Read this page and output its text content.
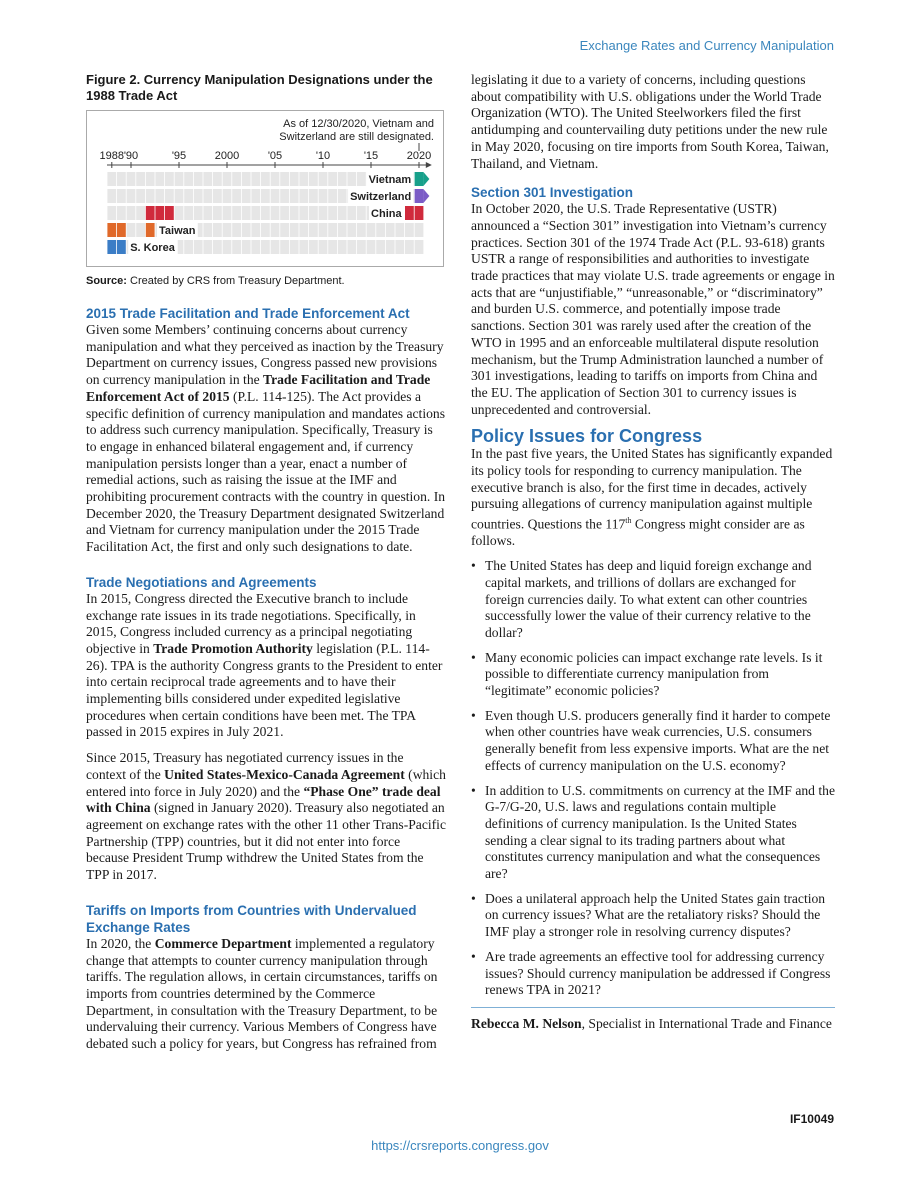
Exchange Rates and Currency Manipulation

Figure 2. Currency Manipulation Designations under the 1988 Trade Act

As of 12/30/2020, Vietnam and
Switzerland are still designated.
1988 '90	'95	2000	'05	'10	'15	2020
Vietnam
Switzerland
China
Taiwan
S. Korea
Source: Created by CRS from Treasury Department.
2015 Trade Facilitation and Trade Enforcement Act

Given some Members’ continuing concerns about currency manipulation and what they perceived as inaction by the Treasury Department on currency issues, Congress passed new provisions on currency manipulation in the Trade Facilitation and Trade Enforcement Act of 2015 (P.L. 114-125). The Act provides a specific definition of currency manipulation and mandates actions to address such currency manipulation. Specifically, Treasury is to engage in enhanced bilateral engagement and, if currency manipulation persists longer than a year, enact a number of remedial actions, such as raising the issue at the IMF and prohibiting procurement contracts with the country in question. In December 2020, the Treasury Department designated Switzerland and Vietnam for currency manipulation under the 2015 Trade Facilitation Act, the first and only such designations to date.

Trade Negotiations and Agreements

In 2015, Congress directed the Executive branch to include exchange rate issues in its trade negotiations. Specifically, in 2015, Congress included currency as a principal negotiating objective in Trade Promotion Authority legislation (P.L. 114-26). TPA is the authority Congress grants to the President to enter into certain reciprocal trade agreements and to have their implementing bills considered under expedited legislative procedures when certain conditions have been met. The TPA passed in 2015 expires in July 2021.

Since 2015, Treasury has negotiated currency issues in the context of the United States-Mexico-Canada Agreement (which entered into force in July 2020) and the “Phase One” trade deal with China (signed in January 2020). Treasury also negotiated an agreement on exchange rates with the other 11 other Trans-Pacific Partnership (TPP) countries, but it did not enter into force because President Trump withdrew the United States from the TPP in 2017.

Tariffs on Imports from Countries with Undervalued Exchange Rates

In 2020, the Commerce Department implemented a regulatory change that attempts to counter currency manipulation through tariffs. The regulation allows, in certain circumstances, tariffs on imports from countries determined by the Commerce Department, in consultation with the Treasury Department, to be undervaluing their currency. Various Members of Congress have debated such a policy for years, but Congress has refrained from

legislating it due to a variety of concerns, including questions about compatibility with U.S. obligations under the World Trade Organization (WTO). The United Steelworkers filed the first antidumping and countervailing duty petitions under the new rule in May 2020, focusing on tire imports from South Korea, Taiwan, Thailand, and Vietnam.

Section 301 Investigation

In October 2020, the U.S. Trade Representative (USTR) announced a “Section 301” investigation into Vietnam’s currency practices. Section 301 of the 1974 Trade Act (P.L. 93-618) grants USTR a range of responsibilities and authorities to investigate trade practices that may violate U.S. trade agreements or engage in acts that are “unjustifiable,” “unreasonable,” or “discriminatory” and burden U.S. commerce, and potentially impose trade sanctions. Section 301 was rarely used after the creation of the WTO in 1995 and an enforceable multilateral dispute resolution mechanism, but the Trump Administration launched a number of 301 investigations, leading to tariffs on imports from China and the EU. The application of Section 301 to currency issues is unprecedented and controversial.

Policy Issues for Congress

In the past five years, the United States has significantly expanded its policy tools for responding to currency manipulation. The executive branch is also, for the first time in decades, actively pursuing allegations of currency manipulation against multiple countries. Questions the 117th Congress might consider are as follows.

• The United States has deep and liquid foreign exchange and capital markets, and trillions of dollars are exchanged for foreign currencies daily. To what extent can other countries successfully lower the value of their currency relative to the dollar?
• Many economic policies can impact exchange rate levels. Is it possible to differentiate currency manipulation from “legitimate” economic policies?
• Even though U.S. producers generally find it harder to compete when other countries have weak currencies, U.S. consumers generally benefit from less expensive imports. What are the net effects of currency manipulation on the U.S. economy?
• In addition to U.S. commitments on currency at the IMF and the G-7/G-20, U.S. laws and regulations contain multiple definitions of currency manipulation. Is the United States sending a clear signal to its trading partners about what constitutes currency manipulation and what the consequences are?
• Does a unilateral approach help the United States gain traction on currency issues? What are the retaliatory risks? Should the IMF play a stronger role in resolving currency disputes?
• Are trade agreements an effective tool for addressing currency issues? Should currency manipulation be addressed if Congress renews TPA in 2021?

Rebecca M. Nelson, Specialist in International Trade and Finance

IF10049
https://crsreports.congress.gov
